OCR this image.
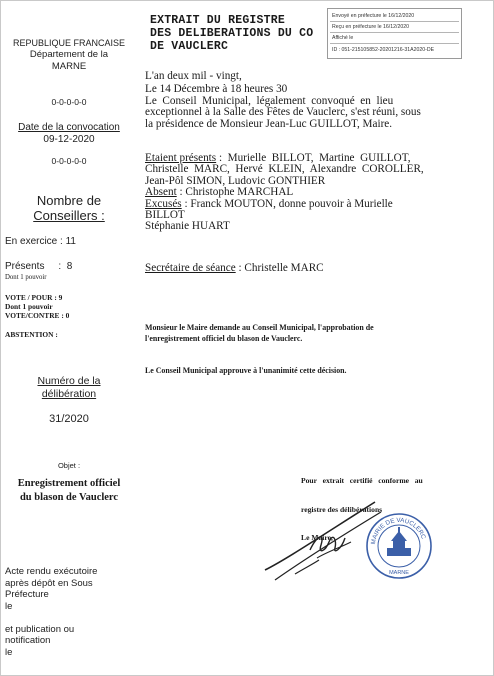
EXTRAIT DU REGISTRE
DES DELIBERATIONS DU CO
DE VAUCLERC
Envoyé en préfecture le 16/12/2020
Reçu en préfecture le 16/12/2020
Affiché le
ID : 051-215105852-20201216-31A2020-DE
REPUBLIQUE FRANCAISE
Département de la
MARNE
0-0-0-0-0
Date de la convocation
09-12-2020
0-0-0-0-0
Nombre de
Conseillers :
En exercice : 11
Présents     :  8
Dont 1 pouvoir
VOTE / POUR : 9
Dont 1 pouvoir
VOTE/CONTRE : 0
ABSTENTION :
Numéro de la
délibération
31/2020
Objet :
Enregistrement officiel
du blason de Vauclerc
Acte rendu exécutoire
après dépôt en Sous
Préfecture
le
et publication ou
notification
le
L'an deux mil - vingt,
Le 14 Décembre à 18 heures 30
Le  Conseil  Municipal,  légalement  convoqué  en  lieu
exceptionnel à la Salle des Fêtes de Vauclerc, s'est réuni, sous
la présidence de Monsieur Jean-Luc GUILLOT, Maire.
Etaient présents :  Murielle  BILLOT,  Martine  GUILLOT,
Christelle  MARC,  Hervé  KLEIN,  Alexandre  COROLLER,
Jean-Pôl SIMON, Ludovic GONTHIER
Absent : Christophe MARCHAL
Excusés : Franck MOUTON, donne pouvoir à Murielle
BILLOT
Stéphanie HUART
Secrétaire de séance : Christelle MARC
Monsieur le Maire demande au Conseil Municipal, l'approbation de
l'enregistrement officiel du blason de Vauclerc.
Le Conseil Municipal approuve à l'unanimité cette décision.

Pour   extrait   certifié   conforme   au

registre des délibérations

Le Maire,	MAIRIE DE VAUCLERC
MARNE
